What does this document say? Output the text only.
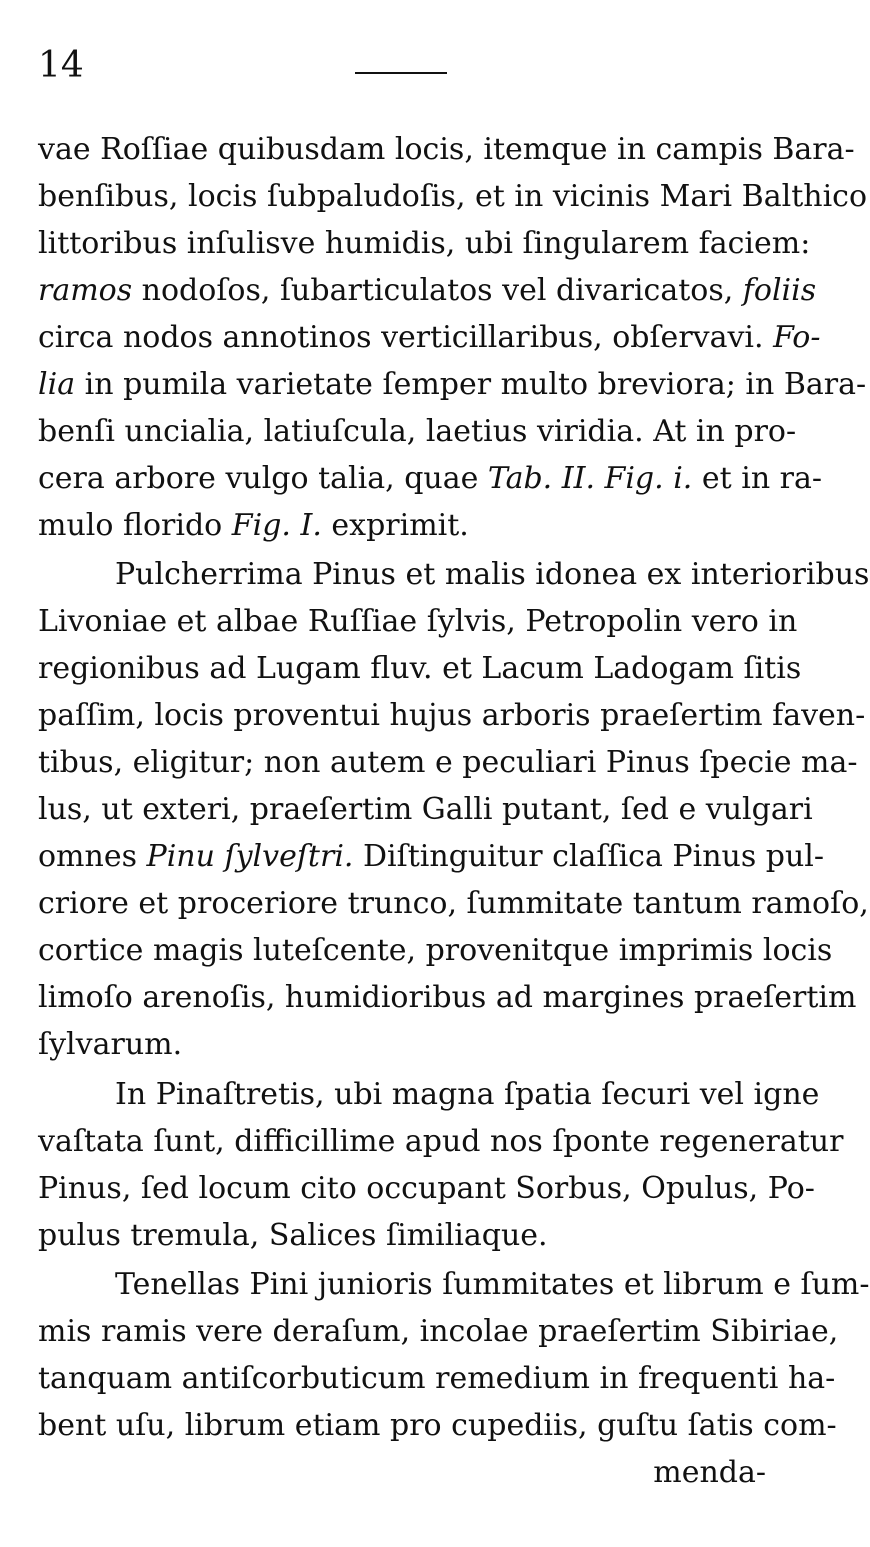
14
vae Roſſiae quibusdam locis, itemque in campis Bara-
benſibus, locis ſubpaludoſis, et in vicinis Mari Balthico
littoribus inſulisve humidis, ubi ſingularem faciem:
ramos nodoſos, ſubarticulatos vel divaricatos, foliis
circa nodos annotinos verticillaribus, obſervavi. Fo-
lia in pumila varietate ſemper multo breviora; in Bara-
benſi uncialia, latiuſcula, laetius viridia. At in pro-
cera arbore vulgo talia, quae Tab. II. Fig. i. et in ra-
mulo florido Fig. I. exprimit.
Pulcherrima Pinus et malis idonea ex interioribus
Livoniae et albae Ruſſiae ſylvis, Petropolin vero in
regionibus ad Lugam fluv. et Lacum Ladogam ſitis
paſſim, locis proventui hujus arboris praeſertim faven-
tibus, eligitur; non autem e peculiari Pinus ſpecie ma-
lus, ut exteri, praeſertim Galli putant, ſed e vulgari
omnes Pinu ſylveſtri. Diſtinguitur claſſica Pinus pul-
criore et proceriore trunco, ſummitate tantum ramoſo,
cortice magis luteſcente, provenitque imprimis locis
limoſo arenoſis, humidioribus ad margines praeſertim
ſylvarum.
In Pinaſtretis, ubi magna ſpatia ſecuri vel igne
vaſtata ſunt, difficillime apud nos ſponte regeneratur
Pinus, ſed locum cito occupant Sorbus, Opulus, Po-
pulus tremula, Salices ſimiliaque.
Tenellas Pini junioris ſummitates et librum e ſum-
mis ramis vere deraſum, incolae praeſertim Sibiriae,
tanquam antiſcorbuticum remedium in frequenti ha-
bent uſu, librum etiam pro cupediis, guſtu ſatis com-
menda-
